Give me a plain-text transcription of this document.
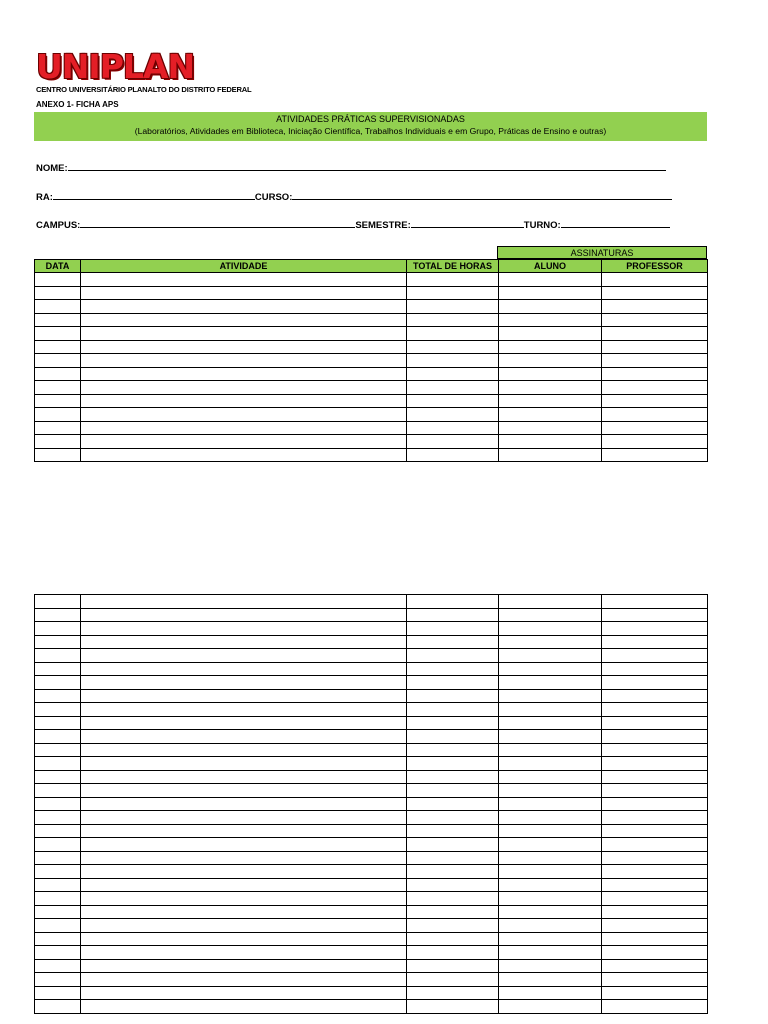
UNIPLAN
CENTRO UNIVERSITÁRIO PLANALTO DO DISTRITO FEDERAL
ANEXO 1- FICHA APS
ATIVIDADES PRÁTICAS SUPERVISIONADAS
(Laboratórios, Atividades em Biblioteca, Iniciação Científica, Trabalhos Individuais e em Grupo, Práticas de Ensino e outras)
NOME:
RA:	CURSO:
CAMPUS:	SEMESTRE:	TURNO:
ASSINATURAS
DATA	ATIVIDADE	TOTAL DE HORAS	ALUNO	PROFESSOR
